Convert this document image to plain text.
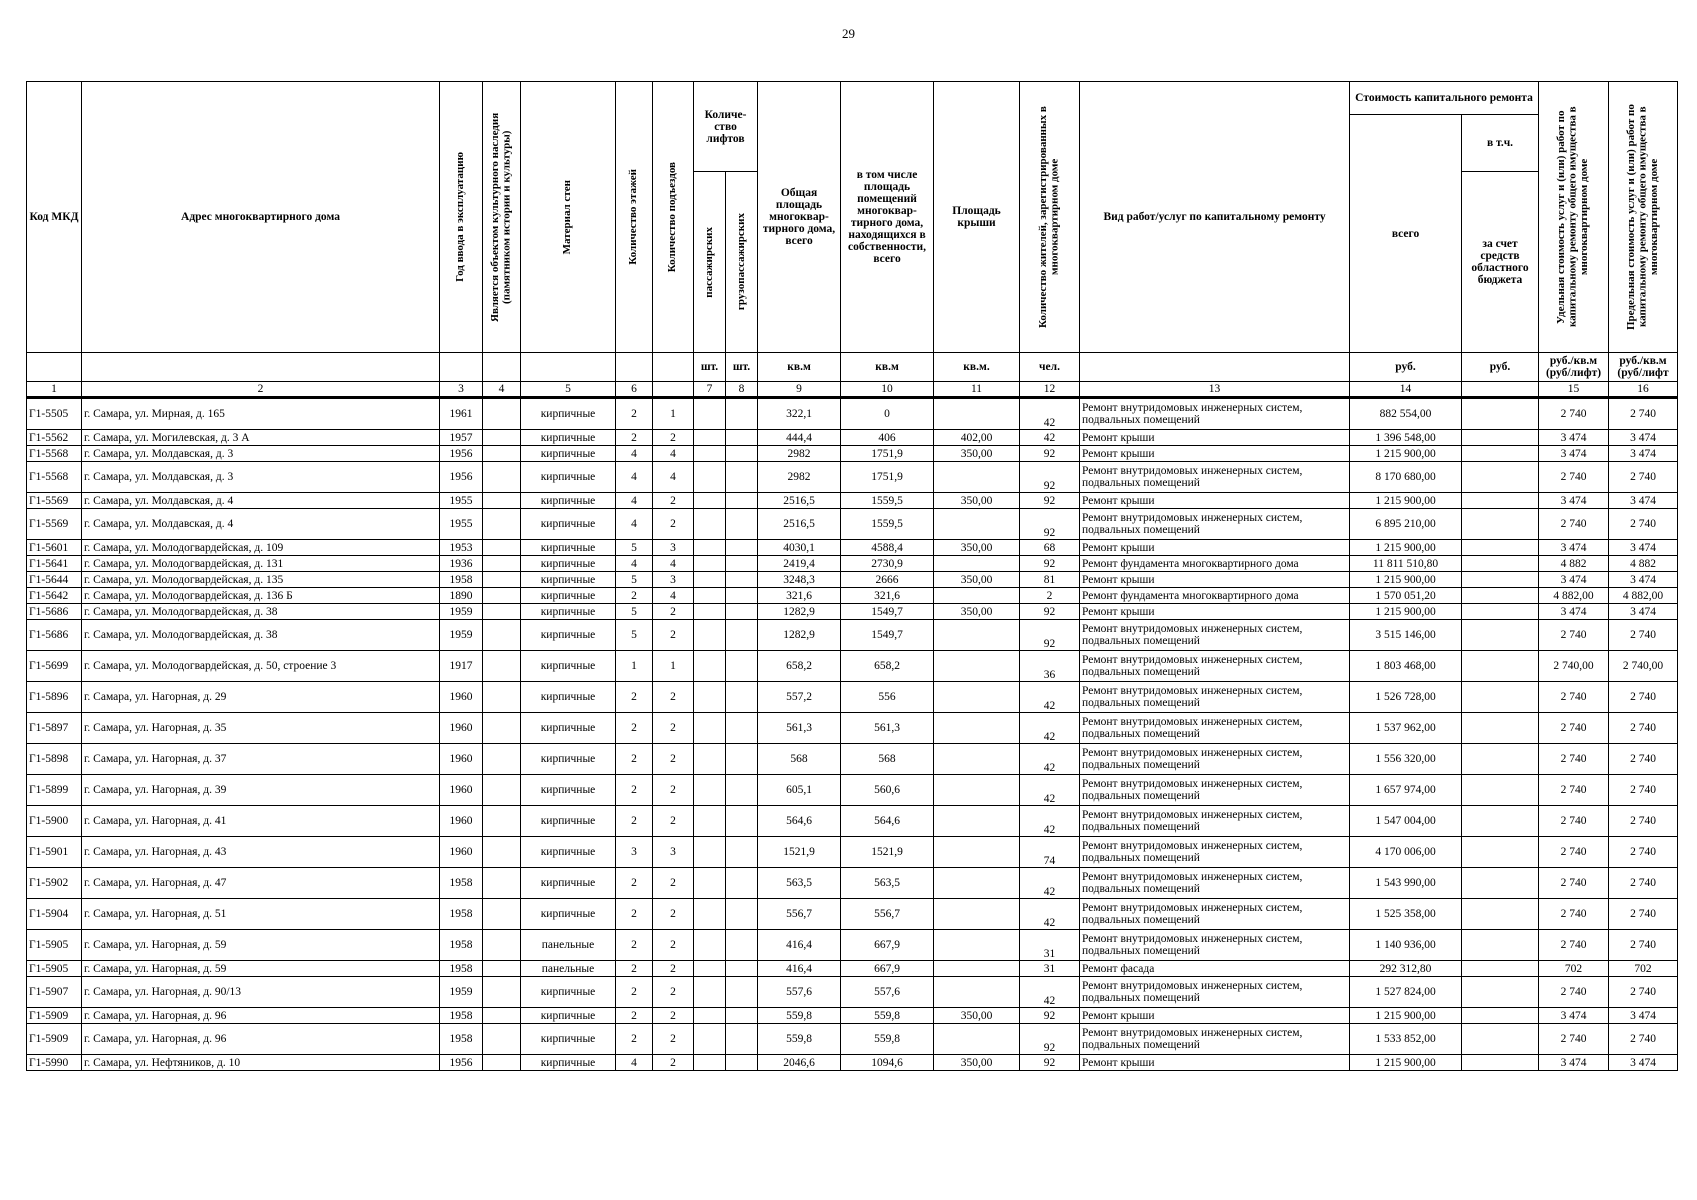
29
Код МКД	Адрес многоквартирного дома	Год ввода в эксплуатацию	Является объектом культурного наследия (памятником истории и культуры)	Материал стен	Количество этажей	Количество подъездов	Количе-ство лифтов		Общая площадь многоквар-тирного дома, всего	в том числе площадь помещений многоквар-тирного дома, находящихся в собственности, всего	Площадь крыши	Количество жителей, зарегистрированных в многоквартирном доме	Вид работ/услуг по капитальному ремонту	Стоимость капитального ремонта		Удельная стоимость услуг и (или) работ по капитальному ремонту общего имущества в многоквартирном доме	Предельная стоимость услуг и (или) работ по капитальному ремонту общего имущества в многоквартирном доме

														всего	в т.ч.		

							пассажирских	грузопассажирских							за счет средств областного бюджета		
							шт.	шт.	кв.м	кв.м	кв.м.	чел.		руб.	руб.	руб./кв.м (руб/лифт)	руб./кв.м (руб/лифт
1	2	3	4	5	6		7	8	9	10	11	12	13	14		15	16
Г1-5505	г. Самара, ул. Мирная, д. 165	1961		кирпичные	2	1			322,1	0		42	Ремонт внутридомовых инженерных систем, подвальных помещений	882 554,00		2 740	2 740
Г1-5562	г. Самара, ул. Могилевская, д. 3 А	1957		кирпичные	2	2			444,4	406	402,00	42	Ремонт крыши	1 396 548,00		3 474	3 474
Г1-5568	г. Самара, ул. Молдавская, д. 3	1956		кирпичные	4	4			2982	1751,9	350,00	92	Ремонт крыши	1 215 900,00		3 474	3 474
Г1-5568	г. Самара, ул. Молдавская, д. 3	1956		кирпичные	4	4			2982	1751,9		92	Ремонт внутридомовых инженерных систем, подвальных помещений	8 170 680,00		2 740	2 740
Г1-5569	г. Самара, ул. Молдавская, д. 4	1955		кирпичные	4	2			2516,5	1559,5	350,00	92	Ремонт крыши	1 215 900,00		3 474	3 474
Г1-5569	г. Самара, ул. Молдавская, д. 4	1955		кирпичные	4	2			2516,5	1559,5		92	Ремонт внутридомовых инженерных систем, подвальных помещений	6 895 210,00		2 740	2 740
Г1-5601	г. Самара, ул. Молодогвардейская, д. 109	1953		кирпичные	5	3			4030,1	4588,4	350,00	68	Ремонт крыши	1 215 900,00		3 474	3 474
Г1-5641	г. Самара, ул. Молодогвардейская, д. 131	1936		кирпичные	4	4			2419,4	2730,9		92	Ремонт фундамента многоквартирного дома	11 811 510,80		4 882	4 882
Г1-5644	г. Самара, ул. Молодогвардейская, д. 135	1958		кирпичные	5	3			3248,3	2666	350,00	81	Ремонт крыши	1 215 900,00		3 474	3 474
Г1-5642	г. Самара, ул. Молодогвардейская, д. 136 Б	1890		кирпичные	2	4			321,6	321,6		2	Ремонт фундамента многоквартирного дома	1 570 051,20		4 882,00	4 882,00
Г1-5686	г. Самара, ул. Молодогвардейская, д. 38	1959		кирпичные	5	2			1282,9	1549,7	350,00	92	Ремонт крыши	1 215 900,00		3 474	3 474
Г1-5686	г. Самара, ул. Молодогвардейская, д. 38	1959		кирпичные	5	2			1282,9	1549,7		92	Ремонт внутридомовых инженерных систем, подвальных помещений	3 515 146,00		2 740	2 740
Г1-5699	г. Самара, ул. Молодогвардейская, д. 50, строение 3	1917		кирпичные	1	1			658,2	658,2		36	Ремонт внутридомовых инженерных систем, подвальных помещений	1 803 468,00		2 740,00	2 740,00
Г1-5896	г. Самара, ул. Нагорная, д. 29	1960		кирпичные	2	2			557,2	556		42	Ремонт внутридомовых инженерных систем, подвальных помещений	1 526 728,00		2 740	2 740
Г1-5897	г. Самара, ул. Нагорная, д. 35	1960		кирпичные	2	2			561,3	561,3		42	Ремонт внутридомовых инженерных систем, подвальных помещений	1 537 962,00		2 740	2 740
Г1-5898	г. Самара, ул. Нагорная, д. 37	1960		кирпичные	2	2			568	568		42	Ремонт внутридомовых инженерных систем, подвальных помещений	1 556 320,00		2 740	2 740
Г1-5899	г. Самара, ул. Нагорная, д. 39	1960		кирпичные	2	2			605,1	560,6		42	Ремонт внутридомовых инженерных систем, подвальных помещений	1 657 974,00		2 740	2 740
Г1-5900	г. Самара, ул. Нагорная, д. 41	1960		кирпичные	2	2			564,6	564,6		42	Ремонт внутридомовых инженерных систем, подвальных помещений	1 547 004,00		2 740	2 740
Г1-5901	г. Самара, ул. Нагорная, д. 43	1960		кирпичные	3	3			1521,9	1521,9		74	Ремонт внутридомовых инженерных систем, подвальных помещений	4 170 006,00		2 740	2 740
Г1-5902	г. Самара, ул. Нагорная, д. 47	1958		кирпичные	2	2			563,5	563,5		42	Ремонт внутридомовых инженерных систем, подвальных помещений	1 543 990,00		2 740	2 740
Г1-5904	г. Самара, ул. Нагорная, д. 51	1958		кирпичные	2	2			556,7	556,7		42	Ремонт внутридомовых инженерных систем, подвальных помещений	1 525 358,00		2 740	2 740
Г1-5905	г. Самара, ул. Нагорная, д. 59	1958		панельные	2	2			416,4	667,9		31	Ремонт внутридомовых инженерных систем, подвальных помещений	1 140 936,00		2 740	2 740
Г1-5905	г. Самара, ул. Нагорная, д. 59	1958		панельные	2	2			416,4	667,9		31	Ремонт фасада	292 312,80		702	702
Г1-5907	г. Самара, ул. Нагорная, д. 90/13	1959		кирпичные	2	2			557,6	557,6		42	Ремонт внутридомовых инженерных систем, подвальных помещений	1 527 824,00		2 740	2 740
Г1-5909	г. Самара, ул. Нагорная, д. 96	1958		кирпичные	2	2			559,8	559,8	350,00	92	Ремонт крыши	1 215 900,00		3 474	3 474
Г1-5909	г. Самара, ул. Нагорная, д. 96	1958		кирпичные	2	2			559,8	559,8		92	Ремонт внутридомовых инженерных систем, подвальных помещений	1 533 852,00		2 740	2 740
Г1-5990	г. Самара, ул. Нефтяников, д. 10	1956		кирпичные	4	2			2046,6	1094,6	350,00	92	Ремонт крыши	1 215 900,00		3 474	3 474
